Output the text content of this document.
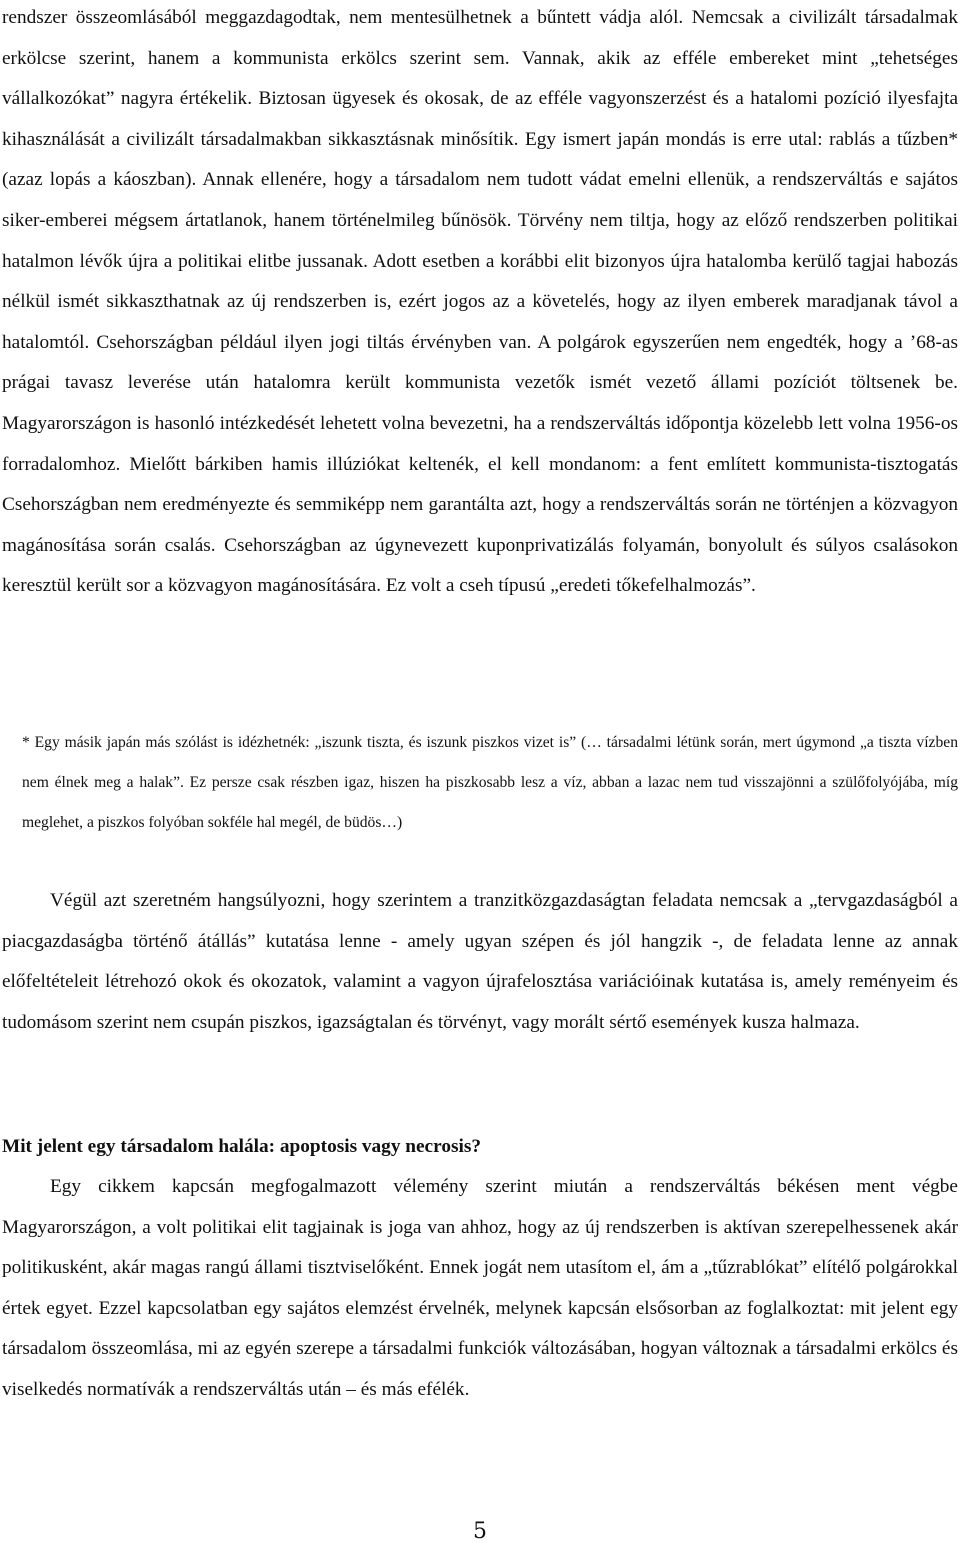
rendszer összeomlásából meggazdagodtak, nem mentesülhetnek a bűntett vádja alól. Nemcsak a civilizált társadalmak erkölcse szerint, hanem a kommunista erkölcs szerint sem. Vannak, akik az efféle embereket mint „tehetséges vállalkozókat” nagyra értékelik. Biztosan ügyesek és okosak, de az efféle vagyonszerzést és a hatalomi pozíció ilyesfajta kihasználását a civilizált társadalmakban sikkasztásnak minősítik. Egy ismert japán mondás is erre utal: rablás a tűzben* (azaz lopás a káoszban). Annak ellenére, hogy a társadalom nem tudott vádat emelni ellenük, a rendszerváltás e sajátos siker-emberei mégsem ártatlanok, hanem történelmileg bűnösök. Törvény nem tiltja, hogy az előző rendszerben politikai hatalmon lévők újra a politikai elitbe jussanak. Adott esetben a korábbi elit bizonyos újra hatalomba kerülő tagjai habozás nélkül ismét sikkaszthatnak az új rendszerben is, ezért jogos az a követelés, hogy az ilyen emberek maradjanak távol a hatalomtól. Csehországban például ilyen jogi tiltás érvényben van. A polgárok egyszerűen nem engedték, hogy a ’68-as prágai tavasz leverése után hatalomra került kommunista vezetők ismét vezető állami pozíciót töltsenek be. Magyarországon is hasonló intézkedését lehetett volna bevezetni, ha a rendszerváltás időpontja közelebb lett volna 1956-os forradalomhoz. Mielőtt bárkiben hamis illúziókat keltenék, el kell mondanom: a fent említett kommunista-tisztogatás Csehországban nem eredményezte és semmiképp nem garantálta azt, hogy a rendszerváltás során ne történjen a közvagyon magánosítása során csalás. Csehországban az úgynevezett kuponprivatizálás folyamán, bonyolult és súlyos csalásokon keresztül került sor a közvagyon magánosítására. Ez volt a cseh típusú „eredeti tőkefelhalmozás”.

* Egy másik japán más szólást is idézhetnék: „iszunk tiszta, és iszunk piszkos vizet is” (… társadalmi létünk során, mert úgymond „a tiszta vízben nem élnek meg a halak”. Ez persze csak részben igaz, hiszen ha piszkosabb lesz a víz, abban a lazac nem tud visszajönni a szülőfolyójába, míg meglehet, a piszkos folyóban sokféle hal megél, de büdös…)

Végül azt szeretném hangsúlyozni, hogy szerintem a tranzitközgazdaságtan feladata nemcsak a „tervgazdaságból a piacgazdaságba történő átállás” kutatása lenne - amely ugyan szépen és jól hangzik -, de feladata lenne az annak előfeltételeit létrehozó okok és okozatok, valamint a vagyon újrafelosztása variációinak kutatása is, amely reményeim és tudomásom szerint nem csupán piszkos, igazságtalan és törvényt, vagy morált sértő események kusza halmaza.

Mit jelent egy társadalom halála: apoptosis vagy necrosis?

Egy cikkem kapcsán megfogalmazott vélemény szerint miután a rendszerváltás békésen ment végbe Magyarországon, a volt politikai elit tagjainak is joga van ahhoz, hogy az új rendszerben is aktívan szerepelhessenek akár politikusként, akár magas rangú állami tisztviselőként. Ennek jogát nem utasítom el, ám a „tűzrablókat” elítélő polgárokkal értek egyet. Ezzel kapcsolatban egy sajátos elemzést érvelnék, melynek kapcsán elsősorban az foglalkoztat: mit jelent egy társadalom összeomlása, mi az egyén szerepe a társadalmi funkciók változásában, hogyan változnak a társadalmi erkölcs és viselkedés normatívák a rendszerváltás után – és más efélék.

5
